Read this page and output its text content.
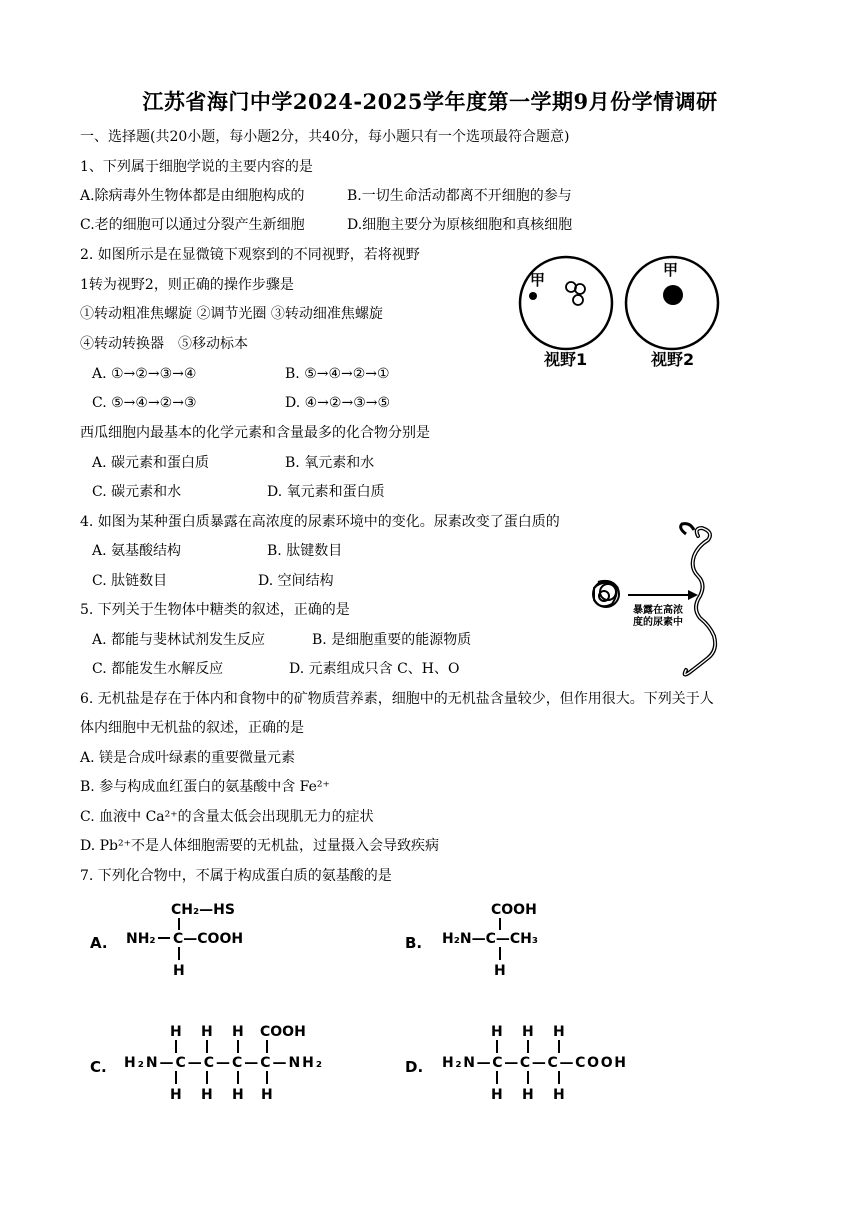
江苏省海门中学2024-2025学年度第一学期9月份学情调研
一、选择题(共20小题，每小题2分，共40分，每小题只有一个选项最符合题意)
1、下列属于细胞学说的主要内容的是
A.除病毒外生物体都是由细胞构成的	B.一切生命活动都离不开细胞的参与
C.老的细胞可以通过分裂产生新细胞	D.细胞主要分为原核细胞和真核细胞
2. 如图所示是在显微镜下观察到的不同视野，若将视野
1转为视野2，则正确的操作步骤是
①转动粗准焦螺旋 ②调节光圈 ③转动细准焦螺旋
④转动转换器　⑤移动标本
A. ①→②→③→④	B. ⑤→④→②→①
C. ⑤→④→②→③	D. ④→②→③→⑤
甲
甲
视野1	视野2
西瓜细胞内最基本的化学元素和含量最多的化合物分别是
A. 碳元素和蛋白质	B. 氧元素和水
C. 碳元素和水	D. 氧元素和蛋白质
4. 如图为某种蛋白质暴露在高浓度的尿素环境中的变化。尿素改变了蛋白质的
A. 氨基酸结构	B. 肽键数目
C. 肽链数目	D. 空间结构
暴露在高浓
度的尿素中
5. 下列关于生物体中糖类的叙述，正确的是
A. 都能与斐林试剂发生反应	B. 是细胞重要的能源物质
C. 都能发生水解反应	D. 元素组成只含 C、H、O
6. 无机盐是存在于体内和食物中的矿物质营养素，细胞中的无机盐含量较少，但作用很大。下列关于人
体内细胞中无机盐的叙述，正确的是
A. 镁是合成叶绿素的重要微量元素
B. 参与构成血红蛋白的氨基酸中含 Fe²⁺
C. 血液中 Ca²⁺的含量太低会出现肌无力的症状
D. Pb²⁺不是人体细胞需要的无机盐，过量摄入会导致疾病
7. 下列化合物中，不属于构成蛋白质的氨基酸的是
A.
CH₂—HS
NH₂ C—COOH
H
B.
COOH
H₂N—C—CH₃
H
C.
H H H COOH
H₂N—C—C—C—C—NH₂
H H H H
D.
H H H
H₂N—C—C—C—COOH
H H H
